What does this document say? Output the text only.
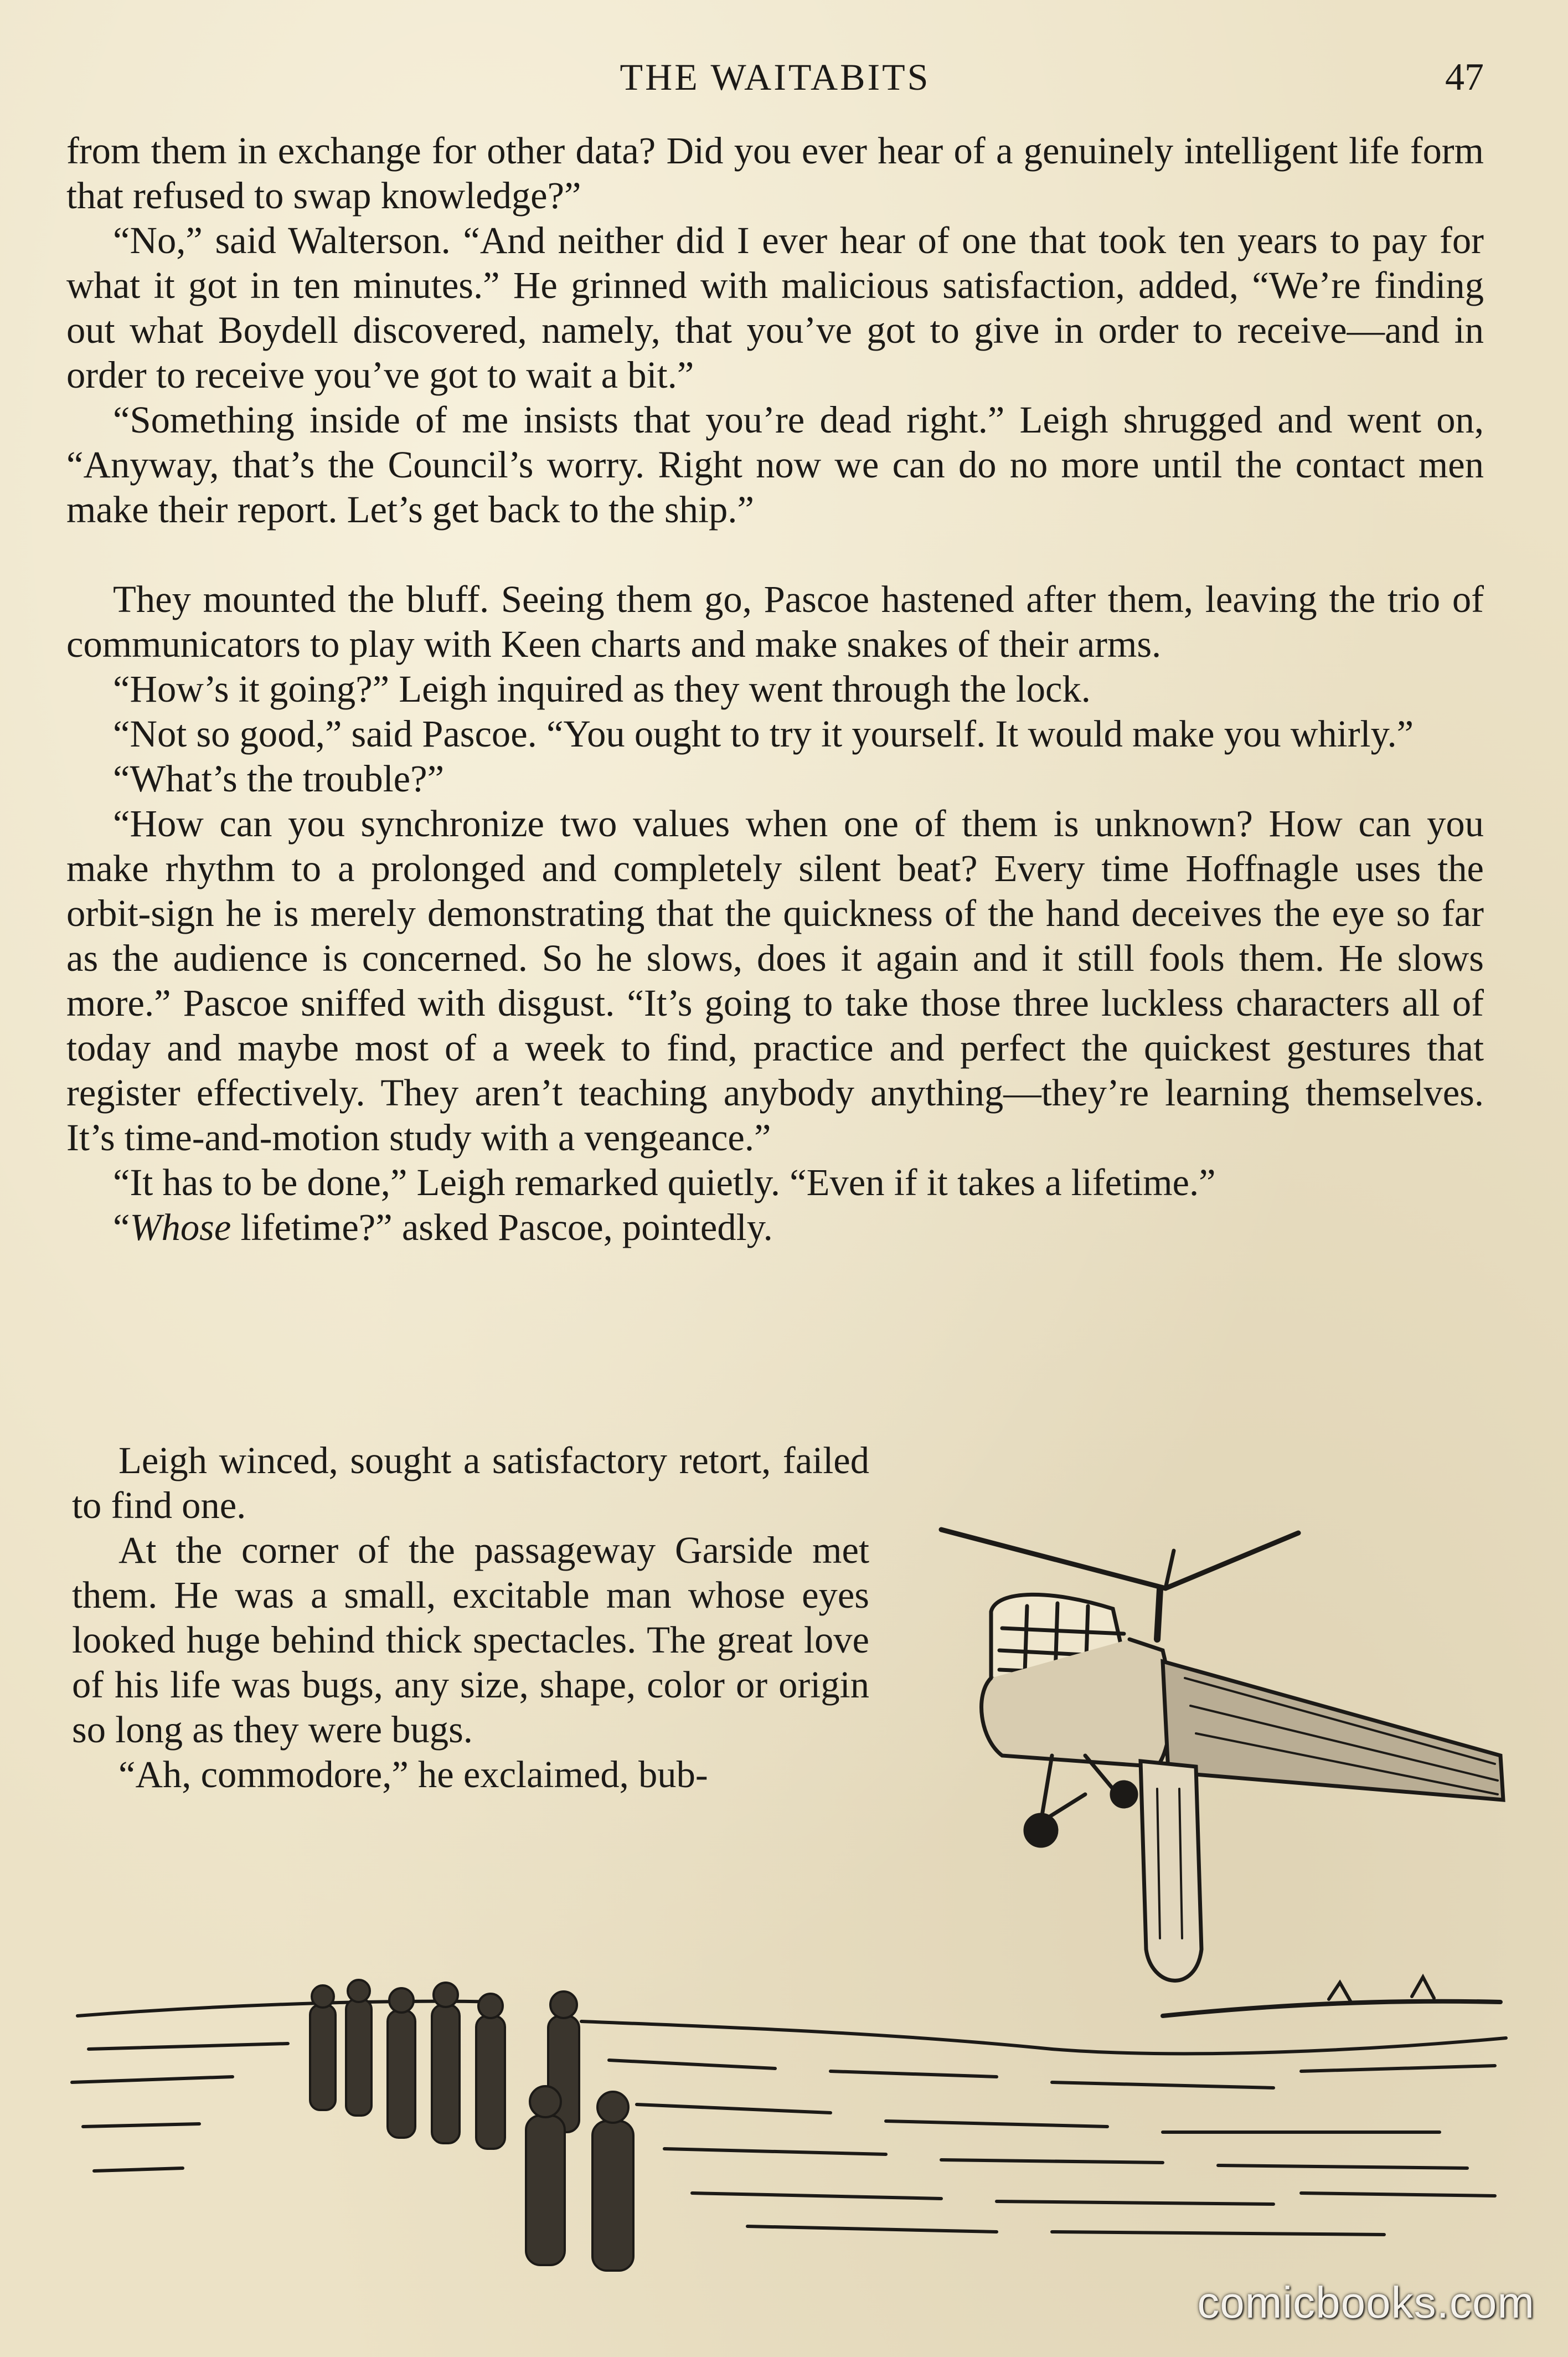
THE WAITABITS	47

from them in exchange for other data? Did you ever hear of a genuinely intelligent life form that refused to swap knowledge?”

“No,” said Walterson. “And neither did I ever hear of one that took ten years to pay for what it got in ten minutes.” He grinned with malicious satisfaction, added, “We’re finding out what Boydell discovered, namely, that you’ve got to give in order to receive—and in order to receive you’ve got to wait a bit.”

“Something inside of me insists that you’re dead right.” Leigh shrugged and went on, “Anyway, that’s the Council’s worry. Right now we can do no more until the contact men make their report. Let’s get back to the ship.”

They mounted the bluff. Seeing them go, Pascoe hastened after them, leaving the trio of communicators to play with Keen charts and make snakes of their arms.

“How’s it going?” Leigh inquired as they went through the lock.

“Not so good,” said Pascoe. “You ought to try it yourself. It would make you whirly.”

“What’s the trouble?”

“How can you synchronize two values when one of them is unknown? How can you make rhythm to a prolonged and completely silent beat? Every time Hoffnagle uses the orbit-sign he is merely demonstrating that the quickness of the hand deceives the eye so far as the audience is concerned. So he slows, does it again and it still fools them. He slows more.” Pascoe sniffed with disgust. “It’s going to take those three luckless characters all of today and maybe most of a week to find, practice and perfect the quickest gestures that register effectively. They aren’t teaching anybody anything—they’re learning themselves. It’s time-and-motion study with a vengeance.”

“It has to be done,” Leigh remarked quietly. “Even if it takes a lifetime.”

“Whose lifetime?” asked Pascoe, pointedly.

Leigh winced, sought a satisfactory retort, failed to find one.

At the corner of the passageway Garside met them. He was a small, excitable man whose eyes looked huge behind thick spectacles. The great love of his life was bugs, any size, shape, color or origin so long as they were bugs.

“Ah, commodore,” he exclaimed, bub-

comicbooks.com
